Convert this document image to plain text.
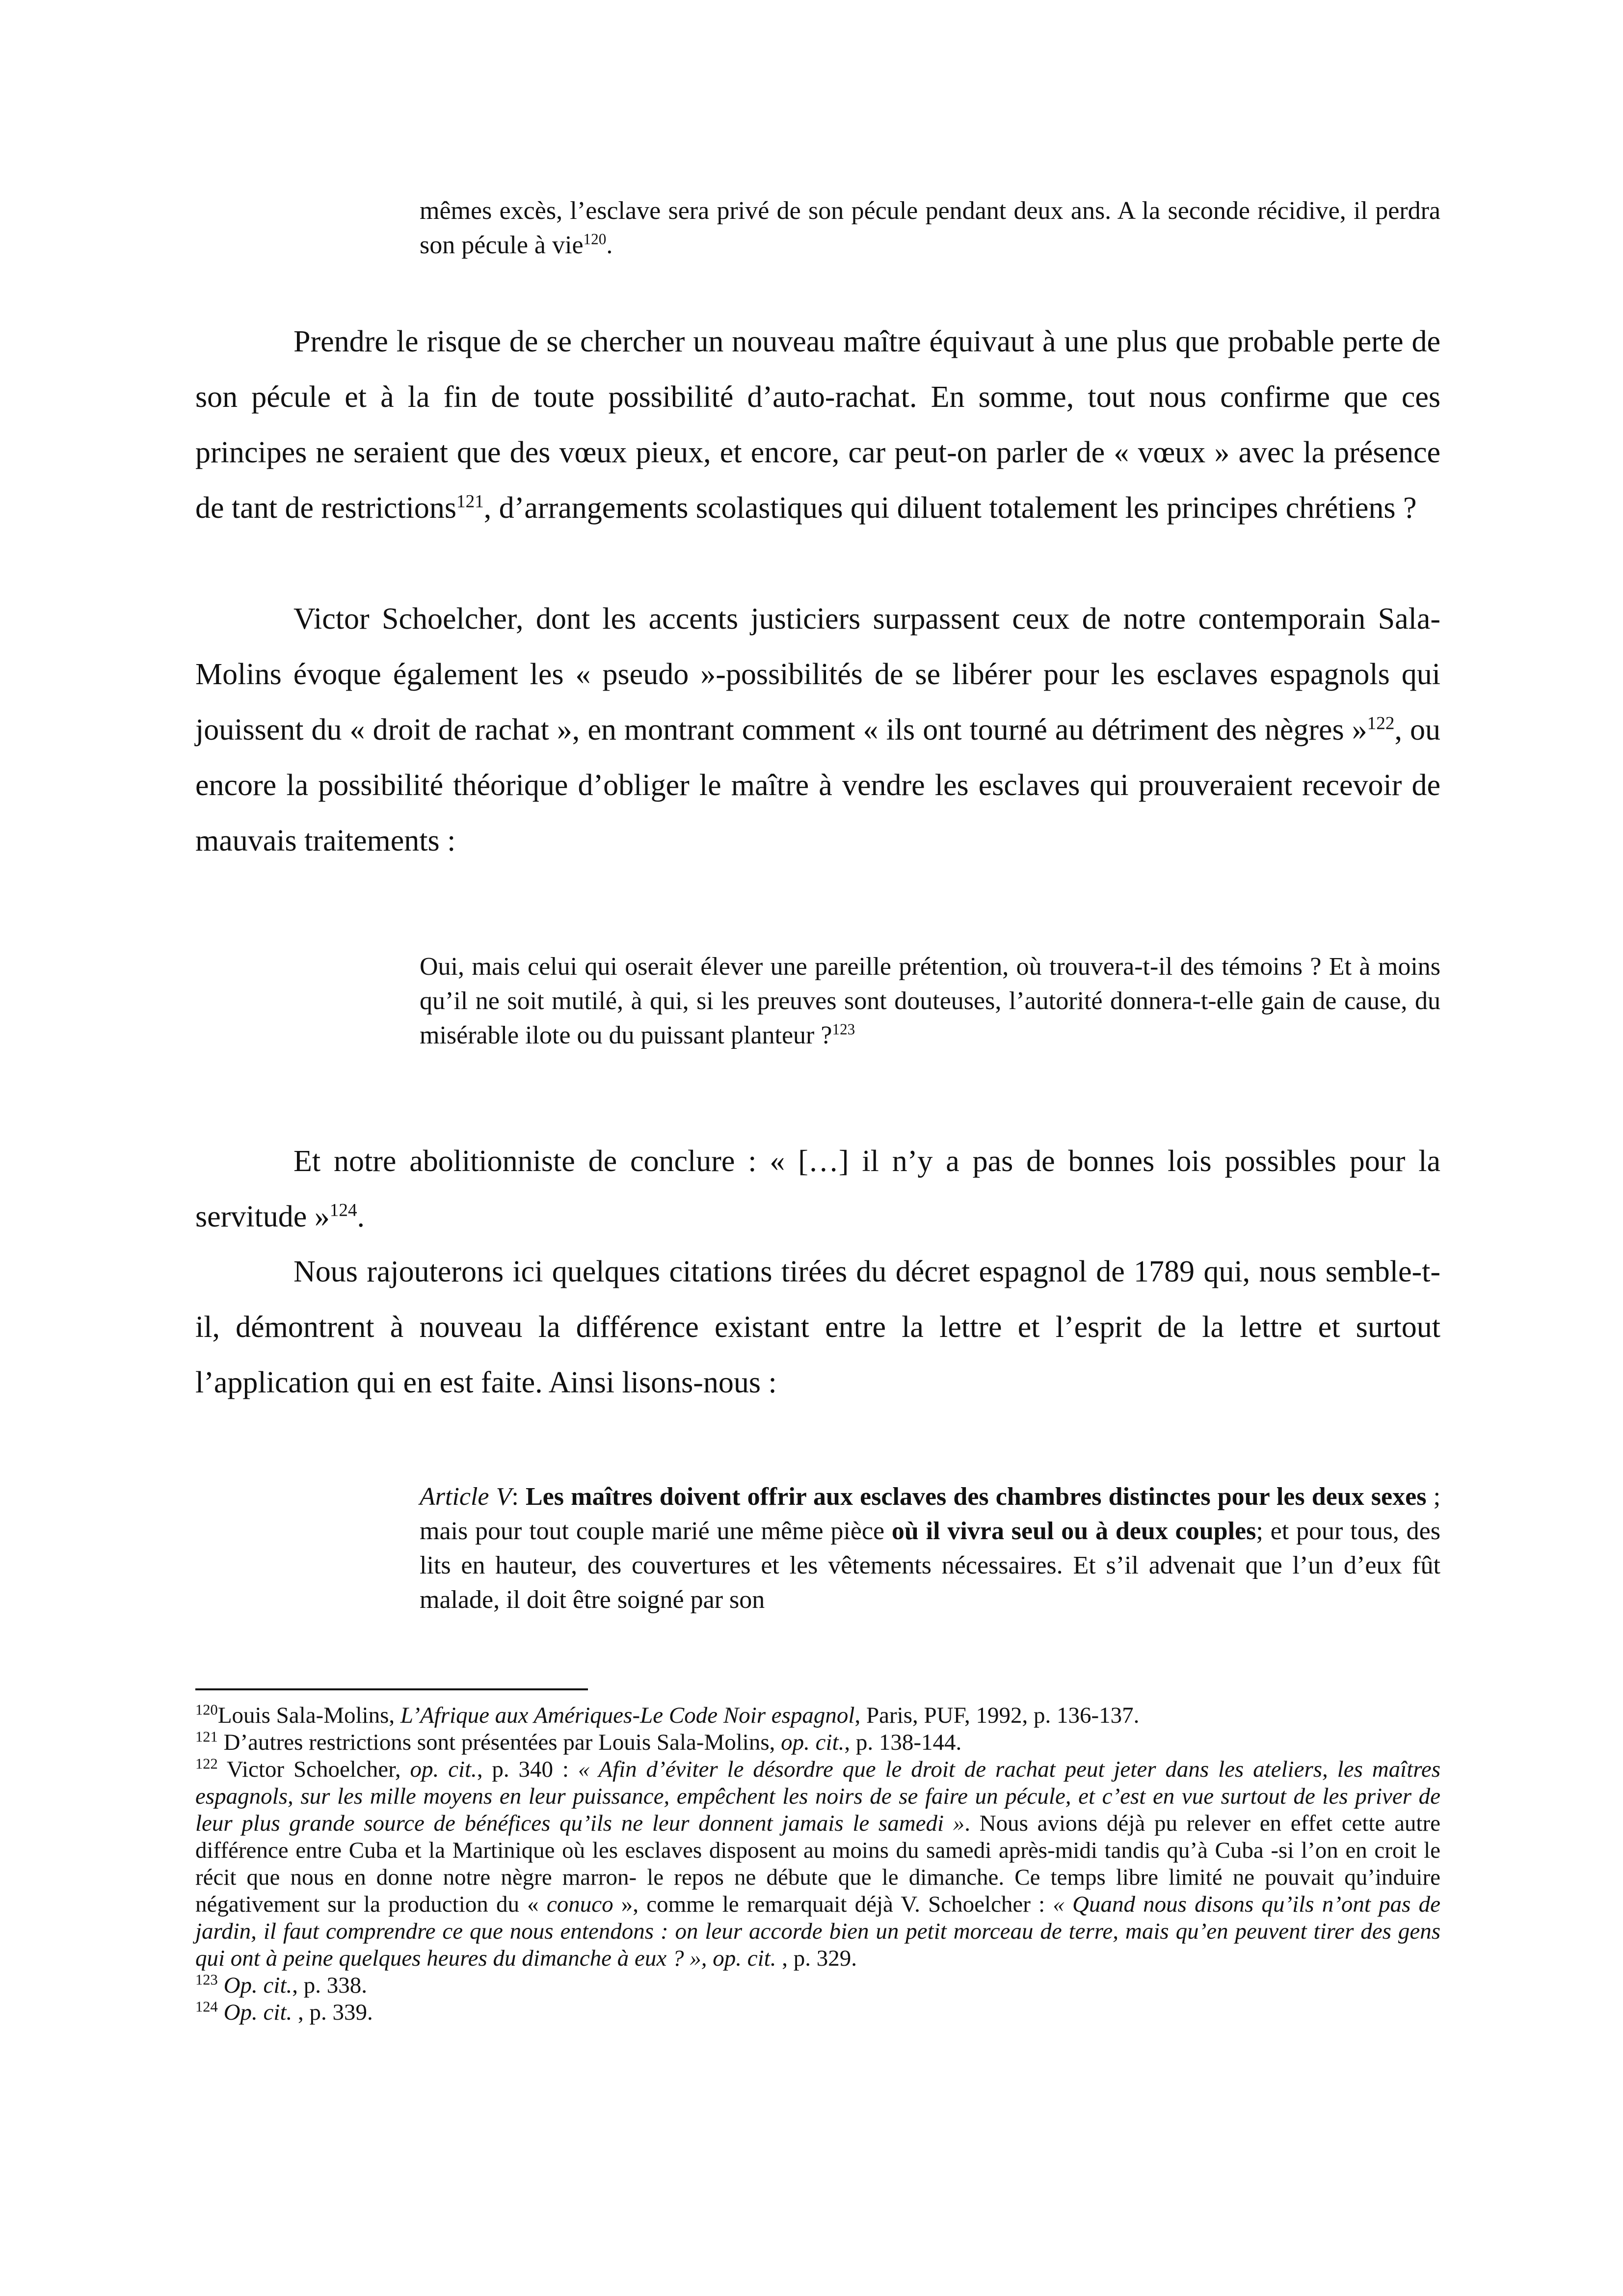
mêmes excès, l’esclave sera privé de son pécule pendant deux ans. A la seconde récidive, il perdra son pécule à vie$^{120}$.

Prendre le risque de se chercher un nouveau maître équivaut à une plus que probable perte de son pécule et à la fin de toute possibilité d’auto-rachat. En somme, tout nous confirme que ces principes ne seraient que des vœux pieux, et encore, car peut-on parler de « vœux » avec la présence de tant de restrictions$^{121}$, d’arrangements scolastiques qui diluent totalement les principes chrétiens ?

Victor Schoelcher, dont les accents justiciers surpassent ceux de notre contemporain Sala-Molins évoque également les « pseudo »-possibilités de se libérer pour les esclaves espagnols qui jouissent du « droit de rachat », en montrant comment « ils ont tourné au détriment des nègres »$^{122}$, ou encore la possibilité théorique d’obliger le maître à vendre les esclaves qui prouveraient recevoir de mauvais traitements :

Oui, mais celui qui oserait élever une pareille prétention, où trouvera-t-il des témoins ? Et à moins qu’il ne soit mutilé, à qui, si les preuves sont douteuses, l’autorité donnera-t-elle gain de cause, du misérable ilote ou du puissant planteur ?$^{123}$

Et notre abolitionniste de conclure : « […] il n’y a pas de bonnes lois possibles pour la servitude »$^{124}$.

Nous rajouterons ici quelques citations tirées du décret espagnol de 1789 qui, nous semble-t-il, démontrent à nouveau la différence existant entre la lettre et l’esprit de la lettre et surtout l’application qui en est faite. Ainsi lisons-nous :

Article V: Les maîtres doivent offrir aux esclaves des chambres distinctes pour les deux sexes ; mais pour tout couple marié une même pièce où il vivra seul ou à deux couples; et pour tous, des lits en hauteur, des couvertures et les vêtements nécessaires. Et s’il advenait que l’un d’eux fût malade, il doit être soigné par son

$^{120}$Louis Sala-Molins, L’Afrique aux Amériques-Le Code Noir espagnol, Paris, PUF, 1992, p. 136-137.

$^{121}$ D’autres restrictions sont présentées par Louis Sala-Molins, op. cit., p. 138-144.

$^{122}$ Victor Schoelcher, op. cit., p. 340 : « Afin d’éviter le désordre que le droit de rachat peut jeter dans les ateliers, les maîtres espagnols, sur les mille moyens en leur puissance, empêchent les noirs de se faire un pécule, et c’est en vue surtout de les priver de leur plus grande source de bénéfices qu’ils ne leur donnent jamais le samedi ». Nous avions déjà pu relever en effet cette autre différence entre Cuba et la Martinique où les esclaves disposent au moins du samedi après-midi tandis qu’à Cuba -si l’on en croit le récit que nous en donne notre nègre marron- le repos ne débute que le dimanche. Ce temps libre limité ne pouvait qu’induire négativement sur la production du « conuco », comme le remarquait déjà V. Schoelcher : « Quand nous disons qu’ils n’ont pas de jardin, il faut comprendre ce que nous entendons : on leur accorde bien un petit morceau de terre, mais qu’en peuvent tirer des gens qui ont à peine quelques heures du dimanche à eux ? », op. cit. , p. 329.

$^{123}$ Op. cit., p. 338.

$^{124}$ Op. cit. , p. 339.
